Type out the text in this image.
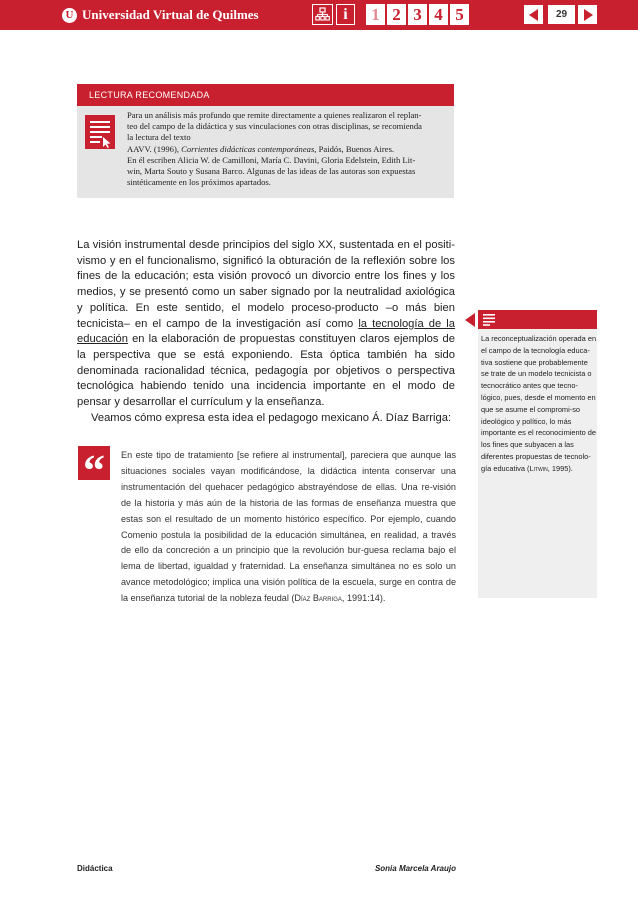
U Universidad Virtual de Quilmes	i	1 2 3 4 5	29
LECTURA RECOMENDADA

Para un análisis más profundo que remite directamente a quienes realizaron el replan-

teo del campo de la didáctica y sus vinculaciones con otras disciplinas, se recomienda

la lectura del texto

AAVV. (1996), Corrientes didácticas contemporáneas, Paidós, Buenos Aires.

En él escriben Alicia W. de Camilloni, María C. Davini, Gloria Edelstein, Edith Lit-

win, Marta Souto y Susana Barco. Algunas de las ideas de las autoras son expuestas

sintéticamente en los próximos apartados.

La visión instrumental desde principios del siglo XX, sustentada en el positi-vismo y en el funcionalismo, significó la obturación de la reflexión sobre los fines de la educación; esta visión provocó un divorcio entre los fines y los medios, y se presentó como un saber signado por la neutralidad axiológica y política. En este sentido, el modelo proceso-producto –o más bien tecnicista– en el campo de la investigación así como la tecnología de la educación en la elaboración de propuestas constituyen claros ejemplos de la perspectiva que se está exponiendo. Esta óptica también ha sido denominada racionalidad técnica, pedagogía por objetivos o perspectiva tecnológica habiendo tenido una incidencia importante en el modo de pensar y desarrollar el currículum y la enseñanza.

Veamos cómo expresa esta idea el pedagogo mexicano Á. Díaz Barriga:

“	En este tipo de tratamiento [se refiere al instrumental], pareciera que aunque las situaciones sociales vayan modificándose, la didáctica intenta conservar una instrumentación del quehacer pedagógico abstrayéndose de ellas. Una re-visión de la historia y más aún de la historia de las formas de enseñanza muestra que estas son el resultado de un momento histórico específico. Por ejemplo, cuando Comenio postula la posibilidad de la educación simultánea, en realidad, a través de ello da concreción a un principio que la revolución bur-guesa reclama bajo el lema de libertad, igualdad y fraternidad. La enseñanza simultánea no es solo un avance metodológico; implica una visión política de la escuela, surge en contra de la enseñanza tutorial de la nobleza feudal (Díaz Barriga, 1991:14).

La reconceptualización operada en el campo de la tecnología educa-tiva sostiene que probablemente se trate de un modelo tecnicista o tecnocrático antes que tecno-lógico, pues, desde el momento en que se asume el compromi-so ideológico y político, lo más importante es el reconocimiento de los fines que subyacen a las diferentes propuestas de tecnolo-gía educativa (Litwin, 1995).

Didáctica	Sonia Marcela Araujo
